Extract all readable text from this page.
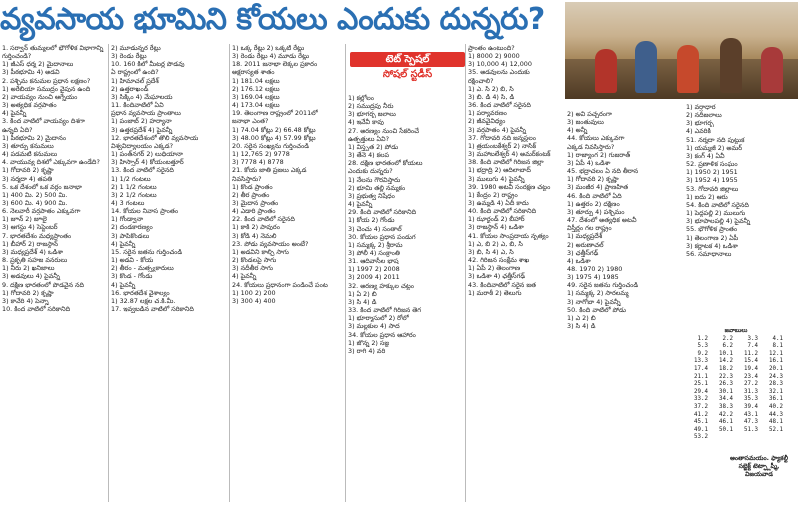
వ్యవసాయ భూమిని కోయలు ఎందుకు దున్నరు?
టెట్ స్పెషల్
సోషల్ స్టడీస్
1. సర్వాన్ తుమ్మలలో భౌగోళిక విభాగాన్ని
గుర్తించండి?
1) జీఎస్ ధర్మ 2) మైదానాలు
3) పీఠభూమి 4) అడవి
2. పశ్చిమ కనుమల ప్రధాన లక్షణం?
1) అరేబియా సముద్రం వైపున ఉంది
2) వాయవ్యం నుంచి ఆగ్నేయం
3) అత్యధిక వర్షపాతం
4) పైవన్నీ
3. కింద వాటిలో వాయవ్యం దిశగా
ఉన్నది ఏది?
1) పీఠభూమి 2) మైదానం
3) తూర్పు కనుమలు
4) పడమటి కనుమలు
4. వాయువ్య దిశలో ఎక్కువగా ఉండేది?
1) గోదావరి 2) కృష్ణా
3) నర్మదా 4) తపతి
5. ఒక దేశంలో ఒక వర్గం జనాభా
1) 400 మి. 2) 500 మి.
3) 600 మి. 4) 900 మి.
6. నెలవారీ వర్షపాతం ఎక్కువగా
1) జూన్ 2) జూలై
3) ఆగస్టు 4) సెప్టెంబర్
7. భారతదేశం మధ్యప్రాంతం
1) బీహార్ 2) రాజస్థాన్
3) మధ్యప్రదేశ్ 4) ఒడిశా
8. ప్రకృతి సహజ వనరులు
1) నీరు 2) ఖనిజాలు
3) అడవులు 4) పైవన్నీ
9. దక్షిణ భారతంలో పొడవైన నది
1) గోదావరి 2) కృష్ణా
3) కావేరి 4) పెన్నా
10. కింద వాటిలో సరికానిది
2) మూడున్నర రేట్లు
3) రెండు రేట్లు
10. 160 కిలో మీటర్ల పొడవు
ఏ రాష్ట్రంలో ఉంది?
1) హిమాచల్ ప్రదేశ్
2) ఉత్తరాఖండ్
3) సిక్కిం 4) మేఘాలయ
11. కిందివాటిలో ఏవి
ప్రధాన వ్యవసాయ ప్రాంతాలు
1) పంజాబ్ 2) హర్యానా
3) ఉత్తరప్రదేశ్ 4) పైవన్నీ
12. భారతదేశంలో తొలి వ్యవసాయ
విశ్వవిద్యాలయం ఎక్కడ?
1) పంత్‌నగర్ 2) లుధియానా
3) హిస్సార్ 4) కోయంబత్తూర్
13. కింద వాటిలో సరైనది
1) 1/2 గంటలు
2) 1 1/2 గంటలు
3) 2 1/2 గంటలు
4) 3 గంటలు
14. కోయల నివాస ప్రాంతం
1) గోండ్వానా
2) దండకారణ్యం
3) పాపికొండలు
4) పైవన్నీ
15. సరైన జతను గుర్తించండి
1) అడవి - కోయ
2) తీరం - మత్స్యకారులు
3) కొండ - గోండు
4) పైవన్నీ
16. భారతదేశ వైశాల్యం
1) 32.87 లక్షల చ.కి.మీ.
17. ఇవ్వబడిన వాటిలో సరికానిది
1) ఒక్క రేట్లు 2) ఒక్కటి రేట్లు
3) రెండు రేట్లు 4) మూడు రేట్లు
18. 2011 జనాభా లెక్కల ప్రకారం
అక్షరాస్యత శాతం
1) 181.04 లక్షలు
2) 176.12 లక్షలు
3) 169.04 లక్షలు
4) 173.04 లక్షలు
19. తెలంగాణ రాష్ట్రంలో 2011లో
జనాభా ఎంత?
1) 74.04 కోట్లు 2) 66.48 కోట్లు
3) 48.00 కోట్లు 4) 57.99 కోట్లు
20. సరైన సంఖ్యను గుర్తించండి
1) 12,765 2) 9778
3) 7778 4) 8778
21. కోయ జాతి ప్రజలు ఎక్కడ
నివసిస్తారు?
1) కొండ ప్రాంతం
2) తీర ప్రాంతం
3) మైదాన ప్రాంతం
4) ఎడారి ప్రాంతం
22. కింద వాటిలో సరైనది
1) కాకి 2) పావురం
3) కోడి 4) నెమలి
23. పోడు వ్యవసాయం అంటే?
1) అడవిని కాల్చి సాగు
2) కొండలపై సాగు
3) నదీతీర సాగు
4) పైవన్నీ
24. కోయలు ప్రధానంగా పండించే పంట
1) 100 2) 200
3) 300 4) 400
1) కల్లోలం
2) సముద్రపు నీరు
3) భూగర్భ జలాలు
4) ఇవేవీ కావు
27. అరణ్యం నుంచి సేకరించే
ఉత్పత్తులు ఏవి?
1) విస్తృత 2) పోడు
3) తేనె 4) కలప
28. దక్షిణ భారతంలో కోయలు
ఎందుకు దున్నరు?
1) నేలను గౌరవిస్తారు
2) భూమి తల్లి నమ్మకం
3) ప్రభుత్వ నిషేధం
4) పైవన్నీ
29. కింది వాటిలో సరికానిది
1) కోయ 2) గోండు
3) చెంచు 4) సంతాల్
30. కోయల ప్రధాన పండుగ
1) సమ్మక్క 2) శ్రీరామ
3) పోలీ 4) సంక్రాంతి
31. ఆదివాసీల భాష
1) 1997 2) 2008
3) 2009 4) 2011
32. అరణ్య హక్కుల చట్టం
1) ఏ 2) బి
3) సి 4) డి
33. కింద వాటిలో గిరిజన తెగ
1) భూర్మాసులో 2) రోలో
3) మల్లకుల 4) సాద
34. కోయల ప్రధాన ఆహారం
1) జొన్న 2) సజ్జ
3) రాగి 4) వరి
ప్రాంతం ఉంటుంది?
1) 8000 2) 9000
3) 10,000 4) 12,000
35. అడవులను ఎందుకు
రక్షించాలి?
1) ఎ. సి 2) బి, సి
3) బి. డి 4) సి, డి
36. కింద వాటిలో సరైనది
1) పర్యావరణం
2) జీవవైవిధ్యం
3) వర్షపాతం 4) పైవన్నీ
37. గోదావరి నది జన్మస్థలం
1) త్రయంబకేశ్వర్ 2) నాసిక్
3) మహాబలేశ్వర్ 4) అమర్‌కంటక్
38. కింది వాటిలో గిరిజన జిల్లా
1) భద్రాద్రి 2) ఆదిలాబాద్
3) ములుగు 4) పైవన్నీ
39. 1980 అటవీ సంరక్షణ చట్టం
1) కేంద్రం 2) రాష్ట్రం
3) ఉమ్మడి 4) ఏదీ కాదు
40. కింది వాటిలో సరికానిది
1) ఝార్ఖండ్ 2) బీహార్
3) రాజస్థాన్ 4) ఒడిశా
41. కోయల సాంప్రదాయ నృత్యం
1) ఎ, బి 2) ఎ, బి, సి
3) బి, సి 4) ఎ, సి
42. గిరిజన సంక్షేమ శాఖ
1) ఏపీ 2) తెలంగాణ
3) ఒడిశా 4) ఛత్తీస్‌గఢ్
43. కిందివాటిలో సరైన జత
1) మరాఠీ 2) తెలుగు
2) అవి పచ్చరంగా
3) జంతువులు
4) అన్నీ
44. కోయలు ఎక్కువగా
ఎక్కడ నివసిస్తారు?
1) రాజ్యాంగ 2) గుజరాత్
3) ఏపీ 4) ఒడిశా
45. భద్రాచలం ఏ నది తీరాన
1) గోదావరి 2) కృష్ణా
3) మంజీర 4) ప్రాణహిత
46. కింది వాటిలో ఏది
1) ఉత్తరం 2) దక్షిణం
3) తూర్పు 4) పశ్చిమం
47. దేశంలో అత్యధిక అటవీ
విస్తీర్ణం గల రాష్ట్రం
1) మధ్యప్రదేశ్
2) అరుణాచల్
3) ఛత్తీస్‌గఢ్
4) ఒడిశా
48. 1970 2) 1980
3) 1975 4) 1985
49. సరైన జతను గుర్తించండి
1) సమ్మక్క 2) సారలమ్మ
3) నాగోబా 4) పైవన్నీ
50. కింది వాటిలో పోడు
1) ఎ 2) బి
3) సి 4) డి
1) వర్షాధార
2) నదీజలాలు
3) భూగర్భ
4) ఎవరికి
51. నర్మదా నది పుట్టుక
1) యమ్మజీ 2) అమర్
3) కంగ్ 4) ఏవీ
52. ప్రణాళిక సంఘం
1) 1950 2) 1951
3) 1952 4) 1955
53. గోదావరి జిల్లాలు
1) ఐదు 2) ఆరు
54. కింది వాటిలో సరైనది
1) పెద్దపల్లి 2) ములుగు
3) భూపాలపల్లి 4) పైవన్నీ
55. భౌగోళిక ప్రాంతం
1) తెలంగాణ 2) ఏపీ
3) కర్ణాటక 4) ఒడిశా
56. సమాధానాలు
జవాబులు			
1.2	2.2	3.3	4.1
5.3	6.2	7.4	8.1
9.2	10.1	11.2	12.1
13.3	14.2	15.4	16.1
17.4	18.2	19.4	20.1
21.1	22.3	23.4	24.3
25.1	26.3	27.2	28.3
29.4	30.1	31.3	32.1
33.2	34.4	35.3	36.1
37.2	38.3	39.4	40.2
41.2	42.2	43.1	44.3
45.1	46.1	47.3	48.1
49.1	50.1	51.3	52.1
53.2			
అంతాసమయం. ఫ్యాకల్టీ
సబ్జెక్ట్ టెట్ఫ్లాష్మీ,
విజయవాడ
